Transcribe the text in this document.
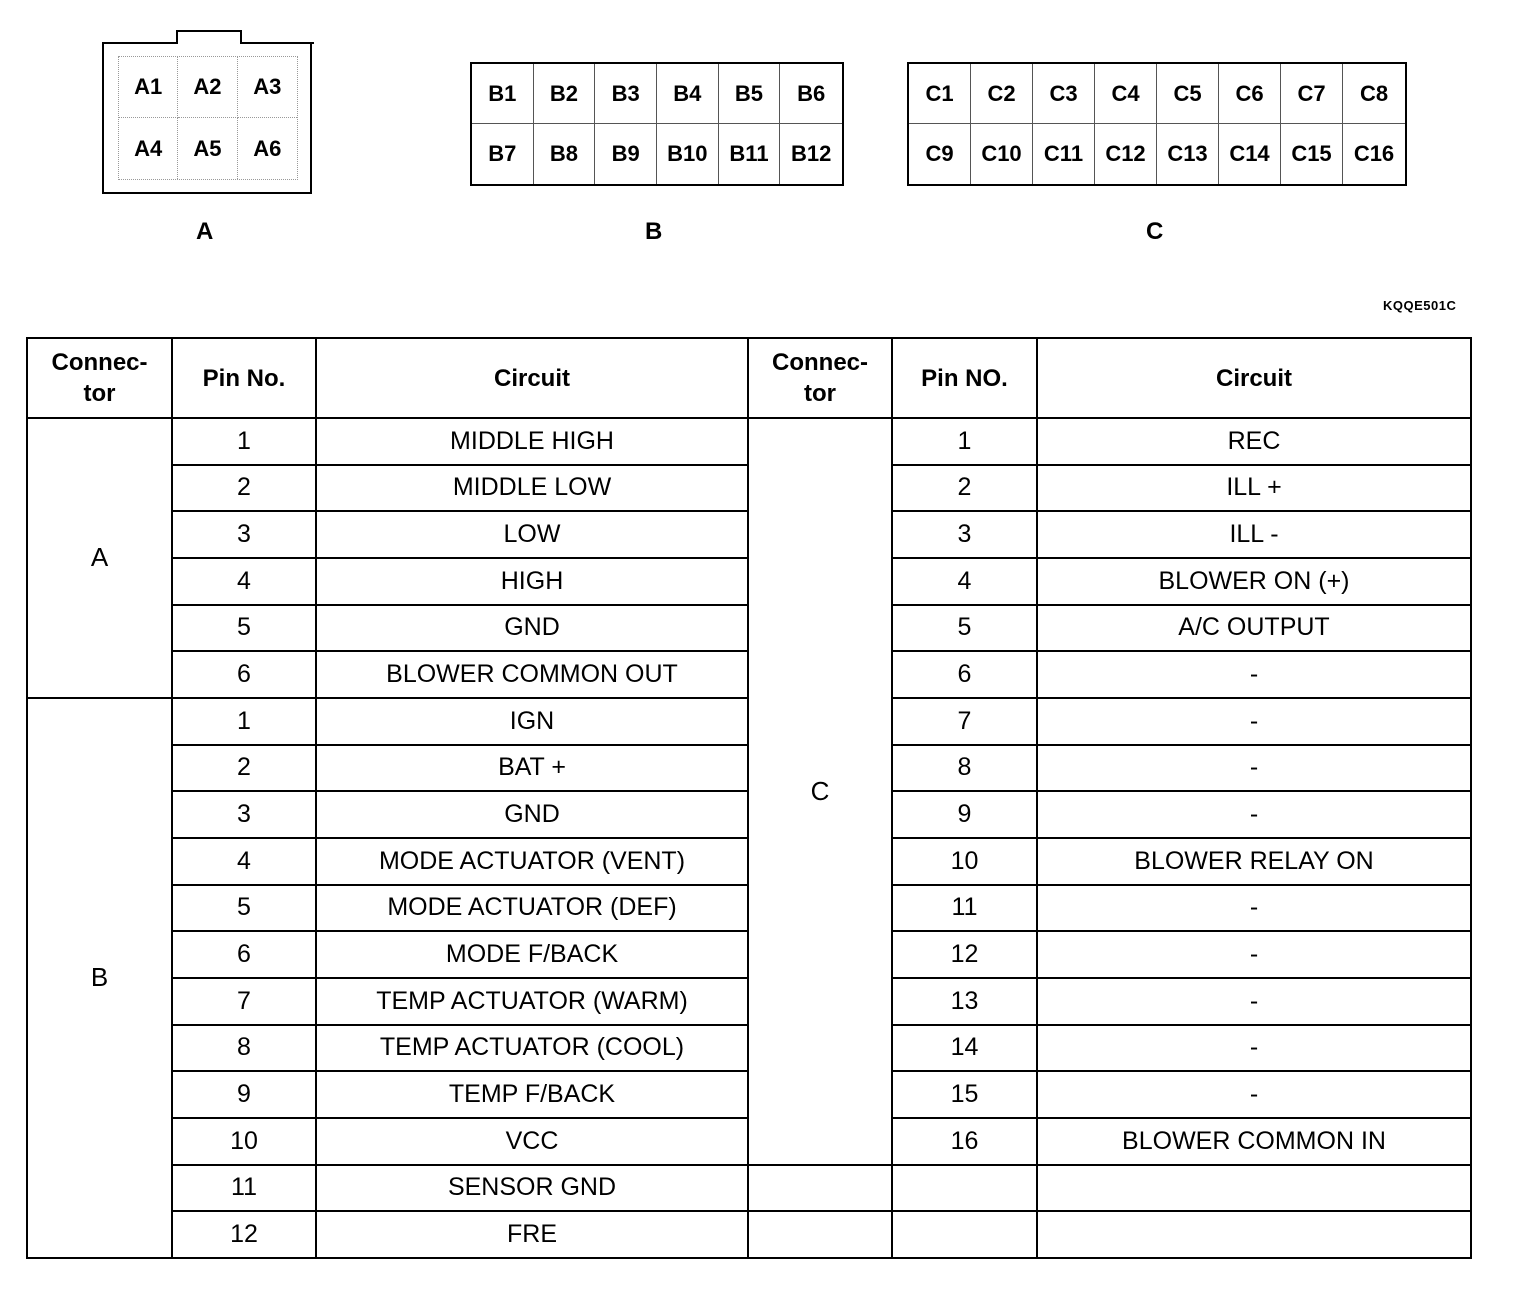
A1	A2	A3
A4	A5	A6
A
B1	B2	B3	B4	B5	B6
B7	B8	B9	B10 B11	B12
B
C1	C2	C3	C4	C5	C6	C7	C8
C9	C10	C11	C12 C13 C14 C15	C16
C
KQQE501C
Connec-
tor	Pin No.	Circuit	Connec-
tor	Pin NO.	Circuit
A	1	MIDDLE HIGH	C	1	REC
	2	MIDDLE LOW		2	ILL +
	3	LOW		3	ILL -
	4	HIGH		4	BLOWER ON (+)
	5	GND		5	A/C OUTPUT
	6	BLOWER COMMON OUT		6	-
B	1	IGN		7	-
	2	BAT +		8	-
	3	GND		9	-
	4	MODE ACTUATOR (VENT)		10	BLOWER RELAY ON
	5	MODE ACTUATOR (DEF)		11	-
	6	MODE F/BACK		12	-
	7	TEMP ACTUATOR (WARM)		13	-
	8	TEMP ACTUATOR (COOL)		14	-
	9	TEMP F/BACK		15	-
	10	VCC		16	BLOWER COMMON IN
	11	SENSOR GND			
	12	FRE			
